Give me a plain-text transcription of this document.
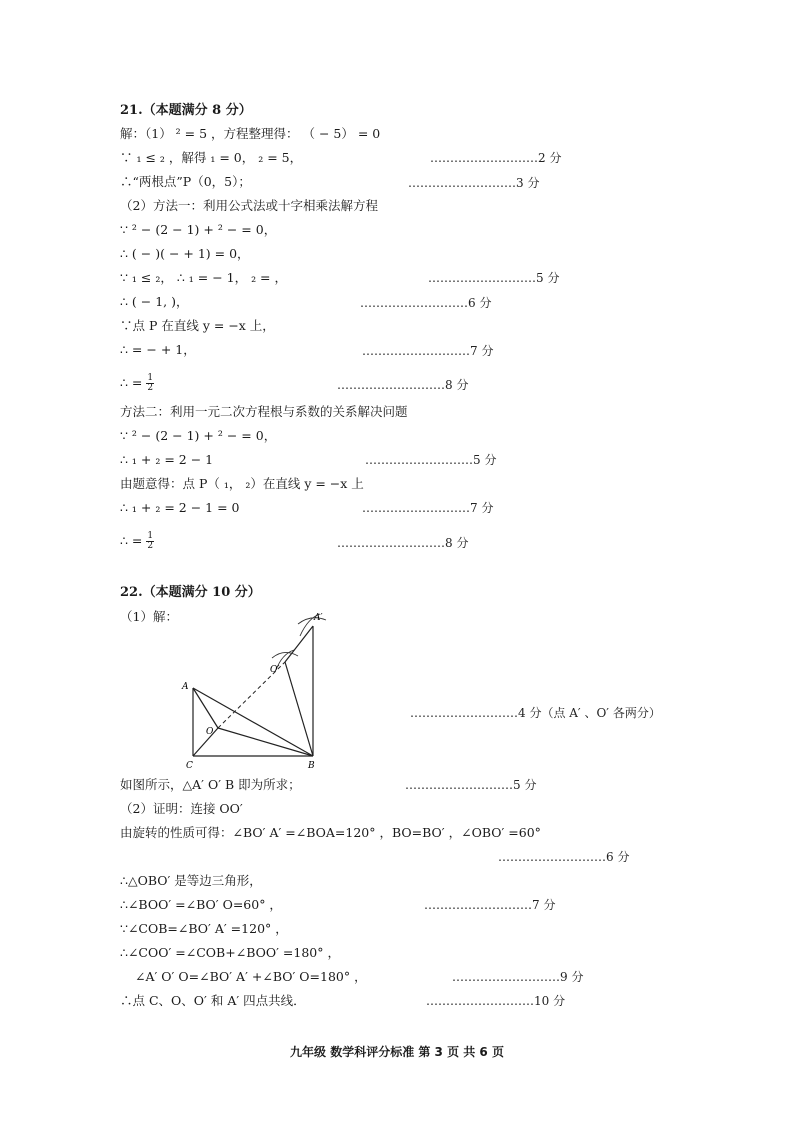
21.（本题满分 8 分）
解：（1） ² = 5 ，方程整理得： （ − 5） = 0
∵ ₁ ≤ ₂ ，解得 ₁ = 0， ₂ = 5，	………………………2 分
∴“两根点”P（0，5）；	………………………3 分
（2）方法一：利用公式法或十字相乘法解方程
∵ ² − (2 − 1) + ² − = 0，
∴ ( − )( − + 1) = 0，
∵ ₁ ≤ ₂， ∴ ₁ = − 1， ₂ = ，	………………………5 分
∴ ( − 1, )，	………………………6 分
∵点 P 在直线 y = −x 上，
∴ = − + 1，	………………………7 分
∴ = $\frac{1}{2}$	………………………8 分
方法二：利用一元二次方程根与系数的关系解决问题
∵ ² − (2 − 1) + ² − = 0，
∴ ₁ + ₂ = 2 − 1	………………………5 分
由题意得：点 P（ ₁， ₂）在直线 y = −x 上
∴ ₁ + ₂ = 2 − 1 = 0	………………………7 分
∴ = $\frac{1}{2}$	………………………8 分
22.（本题满分 10 分）
（1）解：
A
A′
O
O′
C	B
………………………4 分（点 A′ 、O′ 各两分）
如图所示，△A′ O′ B 即为所求；	………………………5 分
（2）证明：连接 OO′
由旋转的性质可得：∠BO′ A′ =∠BOA=120° ，BO=BO′ ，∠OBO′ =60°
………………………6 分
∴△OBO′ 是等边三角形，
∴∠BOO′ =∠BO′ O=60° ，	………………………7 分
∵∠COB=∠BO′ A′ =120° ，
∴∠COO′ =∠COB+∠BOO′ =180° ，
∠A′ O′ O=∠BO′ A′ +∠BO′ O=180° ，	………………………9 分
∴点 C、O、O′ 和 A′ 四点共线．	………………………10 分
九年级 数学科评分标准 第 3 页 共 6 页
